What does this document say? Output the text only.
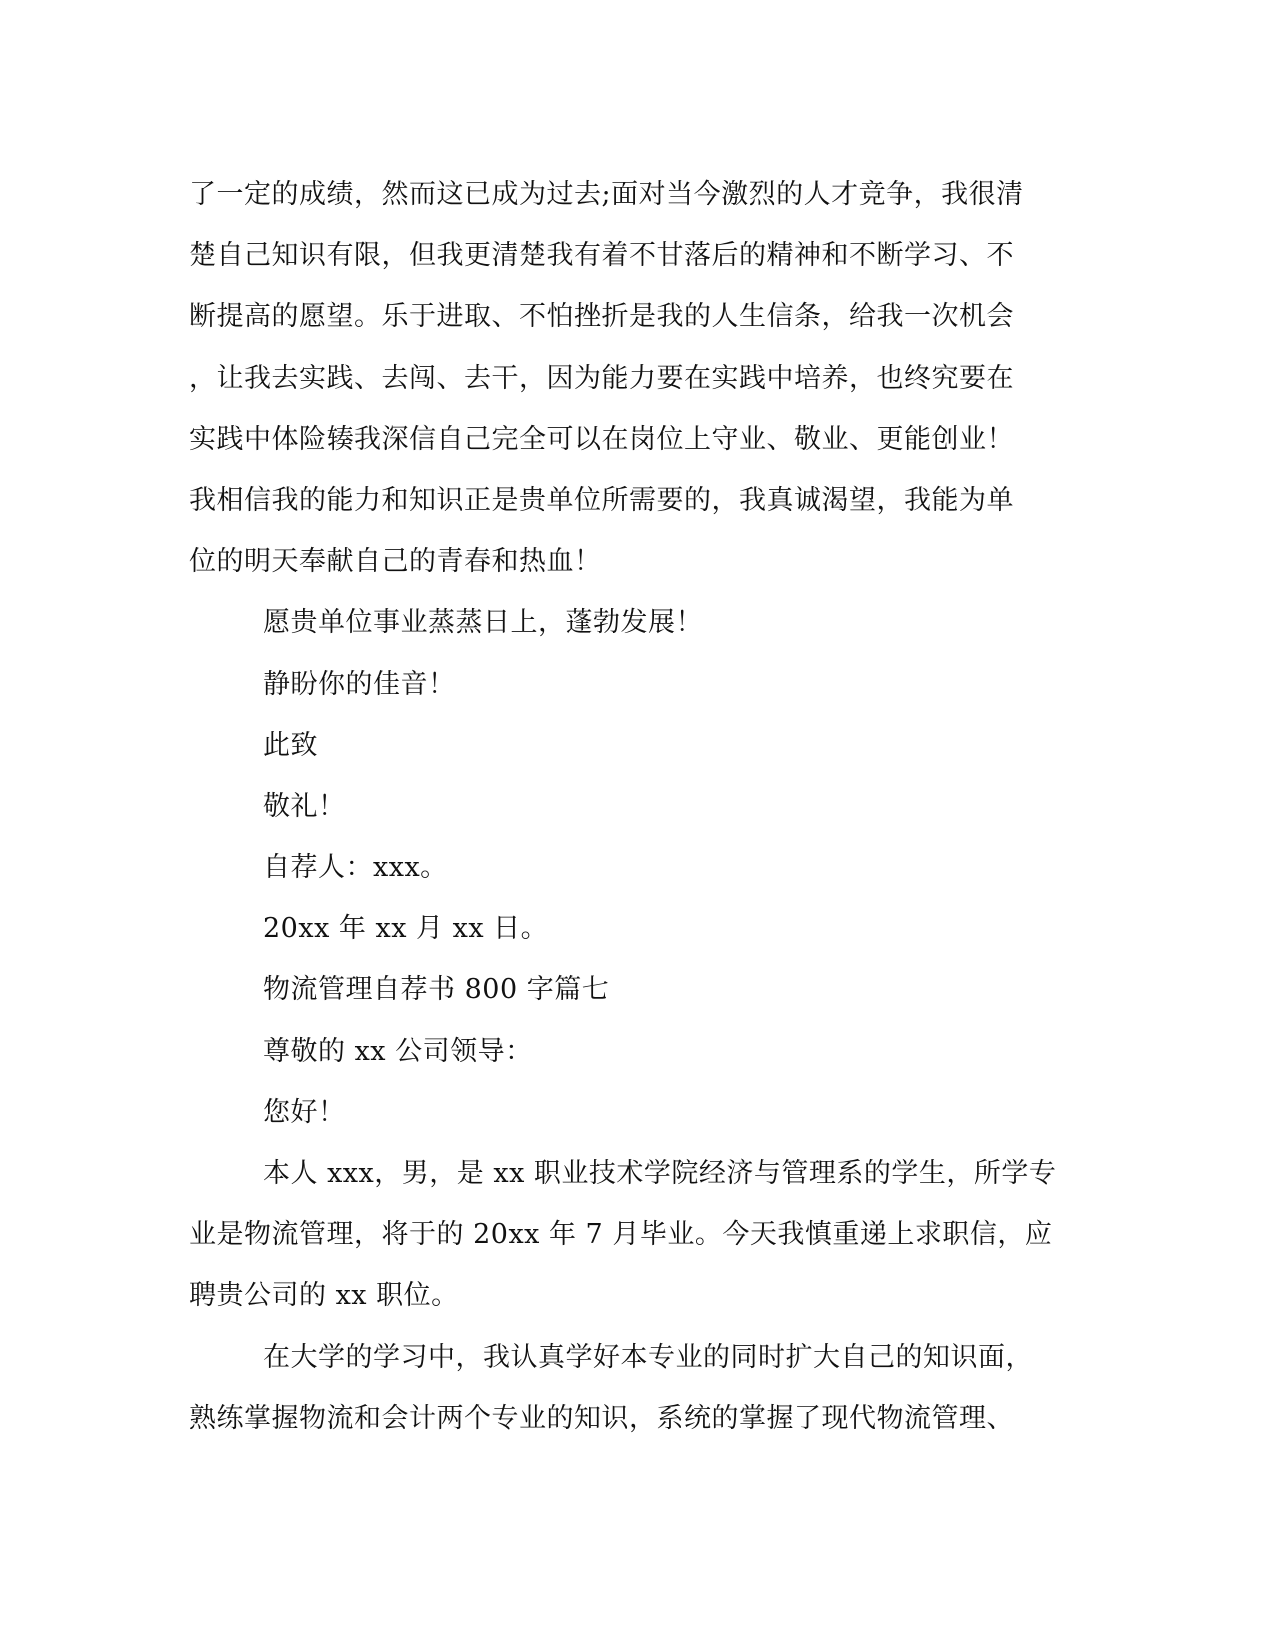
了一定的成绩，然而这已成为过去;面对当今激烈的人才竞争，我很清
楚自己知识有限，但我更清楚我有着不甘落后的精神和不断学习、不
断提高的愿望。乐于进取、不怕挫折是我的人生信条，给我一次机会
，让我去实践、去闯、去干，因为能力要在实践中培养，也终究要在
实践中体险辏我深信自己完全可以在岗位上守业、敬业、更能创业！
我相信我的能力和知识正是贵单位所需要的，我真诚渴望，我能为单
位的明天奉献自己的青春和热血！
愿贵单位事业蒸蒸日上，蓬勃发展！
静盼你的佳音！
此致
敬礼！
自荐人：xxx。
20xx 年 xx 月 xx 日。
物流管理自荐书 800 字篇七
尊敬的 xx 公司领导：
您好！
本人 xxx，男，是 xx 职业技术学院经济与管理系的学生，所学专
业是物流管理，将于的 20xx 年 7 月毕业。今天我慎重递上求职信，应
聘贵公司的 xx 职位。
在大学的学习中，我认真学好本专业的同时扩大自己的知识面，
熟练掌握物流和会计两个专业的知识，系统的掌握了现代物流管理、
